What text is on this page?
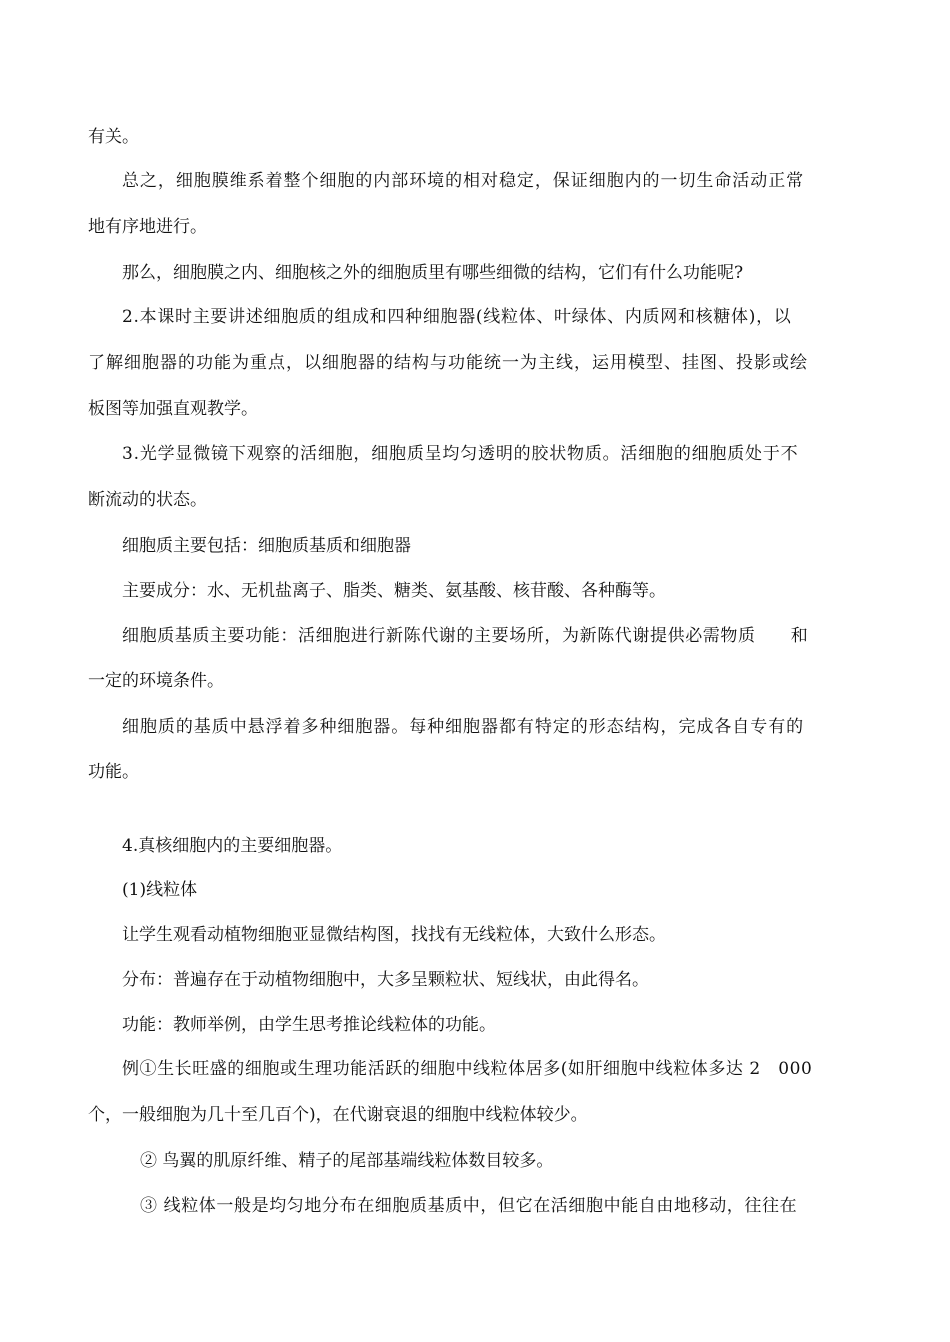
有关。

总之，细胞膜维系着整个细胞的内部环境的相对稳定，保证细胞内的一切生命活动正常

地有序地进行。

那么，细胞膜之内、细胞核之外的细胞质里有哪些细微的结构，它们有什么功能呢?

2.本课时主要讲述细胞质的组成和四种细胞器(线粒体、叶绿体、内质网和核糖体)，以

了解细胞器的功能为重点，以细胞器的结构与功能统一为主线，运用模型、挂图、投影或绘

板图等加强直观教学。

3.光学显微镜下观察的活细胞，细胞质呈均匀透明的胶状物质。活细胞的细胞质处于不

断流动的状态。

细胞质主要包括：细胞质基质和细胞器

主要成分：水、无机盐离子、脂类、糖类、氨基酸、核苷酸、各种酶等。

细胞质基质主要功能：活细胞进行新陈代谢的主要场所，为新陈代谢提供必需物质　　和

一定的环境条件。

细胞质的基质中悬浮着多种细胞器。每种细胞器都有特定的形态结构，完成各自专有的

功能。

4.真核细胞内的主要细胞器。

(1)线粒体

让学生观看动植物细胞亚显微结构图，找找有无线粒体，大致什么形态。

分布：普遍存在于动植物细胞中，大多呈颗粒状、短线状，由此得名。

功能：教师举例，由学生思考推论线粒体的功能。

例①生长旺盛的细胞或生理功能活跃的细胞中线粒体居多(如肝细胞中线粒体多达 2　000

个，一般细胞为几十至几百个)，在代谢衰退的细胞中线粒体较少。

② 鸟翼的肌原纤维、精子的尾部基端线粒体数目较多。

③ 线粒体一般是均匀地分布在细胞质基质中，但它在活细胞中能自由地移动，往往在
